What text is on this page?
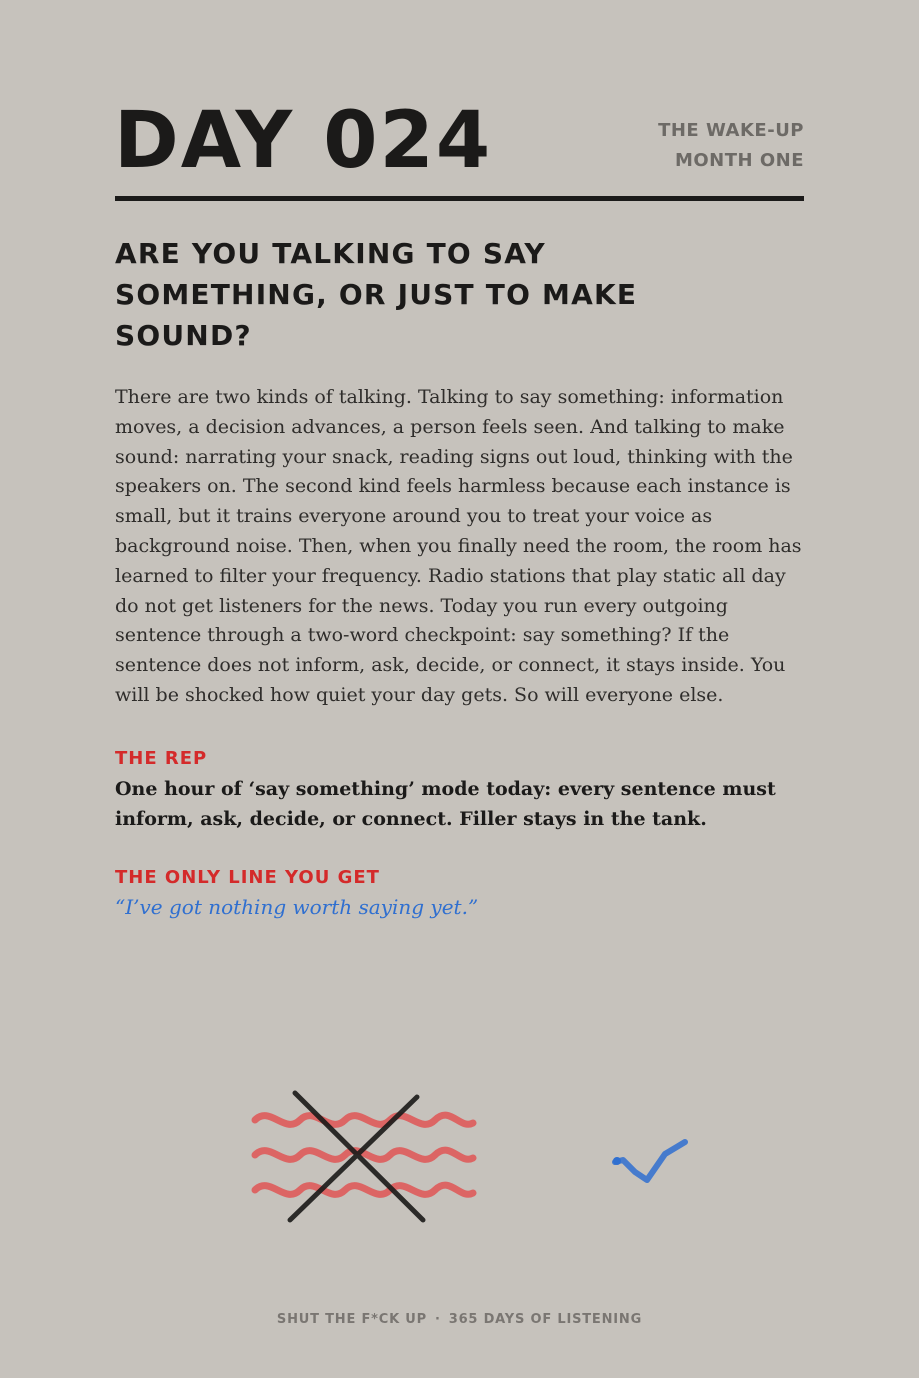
DAY 024	THE WAKE-UP
MONTH ONE
ARE YOU TALKING TO SAY SOMETHING, OR JUST TO MAKE SOUND?

There are two kinds of talking. Talking to say something: information moves, a decision advances, a person feels seen. And talking to make sound: narrating your snack, reading signs out loud, thinking with the speakers on. The second kind feels harmless because each instance is small, but it trains everyone around you to treat your voice as background noise. Then, when you finally need the room, the room has learned to filter your frequency. Radio stations that play static all day do not get listeners for the news. Today you run every outgoing sentence through a two-word checkpoint: say something? If the sentence does not inform, ask, decide, or connect, it stays inside. You will be shocked how quiet your day gets. So will everyone else.

THE REP

One hour of ‘say something’ mode today: every sentence must inform, ask, decide, or connect. Filler stays in the tank.

THE ONLY LINE YOU GET

“I’ve got nothing worth saying yet.”

SHUT THE F*CK UP · 365 DAYS OF LISTENING
